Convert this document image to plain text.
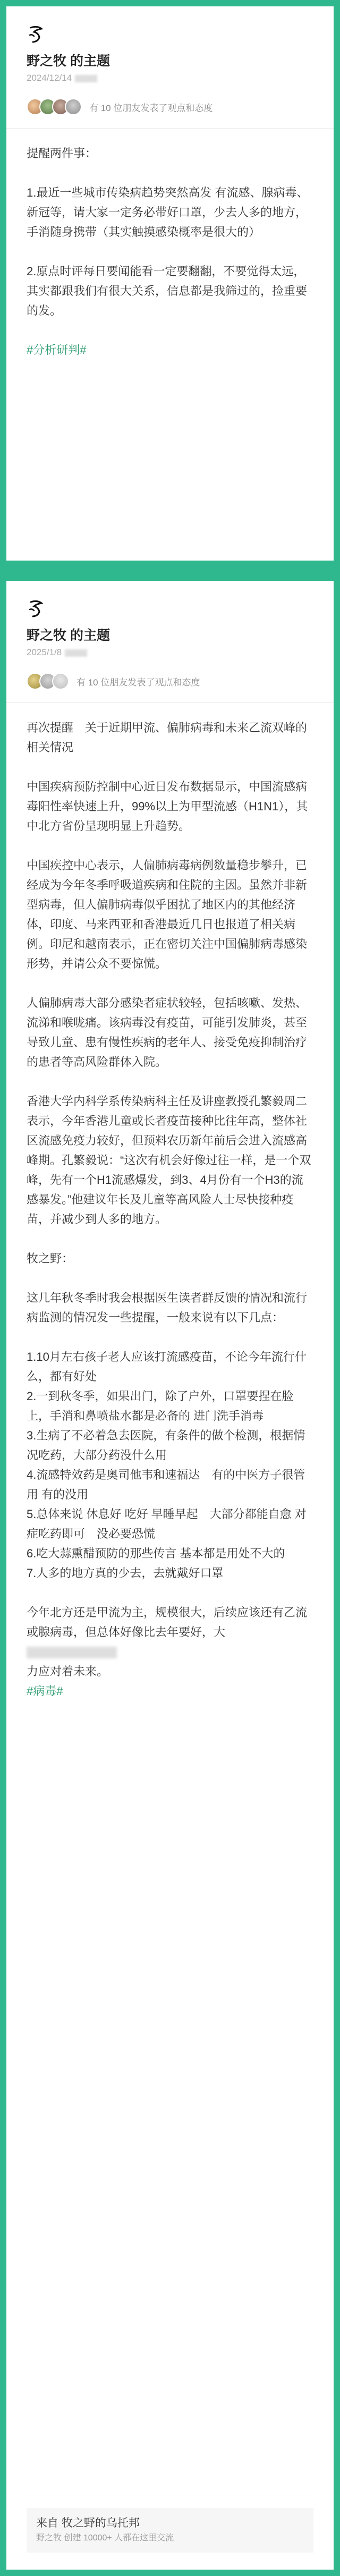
野之牧 的主题
2024/12/14
有 10 位朋友发表了观点和态度

提醒两件事：

1.最近一些城市传染病趋势突然高发 有流感、腺病毒、新冠等，请大家一定务必带好口罩，少去人多的地方，手消随身携带（其实触摸感染概率是很大的）

2.原点时评每日要闻能看一定要翻翻，不要觉得太远，其实都跟我们有很大关系，信息都是我筛过的，捡重要的发。

#分析研判#
野之牧 的主题
2025/1/8
有 10 位朋友发表了观点和态度

再次提醒　关于近期甲流、偏肺病毒和未来乙流双峰的相关情况

中国疾病预防控制中心近日发布数据显示，中国流感病毒阳性率快速上升，99%以上为甲型流感（H1N1），其中北方省份呈现明显上升趋势。

中国疾控中心表示，人偏肺病毒病例数量稳步攀升，已经成为今年冬季呼吸道疾病和住院的主因。虽然并非新型病毒，但人偏肺病毒似乎困扰了地区内的其他经济体，印度、马来西亚和香港最近几日也报道了相关病例。印尼和越南表示，正在密切关注中国偏肺病毒感染形势，并请公众不要惊慌。

人偏肺病毒大部分感染者症状较轻，包括咳嗽、发热、流涕和喉咙痛。该病毒没有疫苗，可能引发肺炎，甚至导致儿童、患有慢性疾病的老年人、接受免疫抑制治疗的患者等高风险群体入院。

香港大学内科学系传染病科主任及讲座教授孔繁毅周二表示，今年香港儿童或长者疫苗接种比往年高，整体社区流感免疫力较好，但预料农历新年前后会进入流感高峰期。孔繁毅说：“这次有机会好像过往一样，是一个双峰，先有一个H1流感爆发，到3、4月份有一个H3的流感暴发。”他建议年长及儿童等高风险人士尽快接种疫苗，并减少到人多的地方。

牧之野：

这几年秋冬季时我会根据医生读者群反馈的情况和流行病监测的情况发一些提醒，一般来说有以下几点：

1.10月左右孩子老人应该打流感疫苗，不论今年流行什么，都有好处
2.一到秋冬季，如果出门，除了户外，口罩要捏在脸上，手消和鼻喷盐水都是必备的 进门洗手消毒
3.生病了不必着急去医院，有条件的做个检测，根据情况吃药，大部分药没什么用
4.流感特效药是奥司他韦和速福达　有的中医方子很管用 有的没用
5.总体来说 休息好 吃好 早睡早起　大部分都能自愈 对症吃药即可　没必要恐慌
6.吃大蒜熏醋预防的那些传言 基本都是用处不大的
7.人多的地方真的少去，去就戴好口罩

今年北方还是甲流为主，规模很大，后续应该还有乙流或腺病毒，但总体好像比去年要好，大

力应对着未来。

#病毒#
来自 牧之野的乌托邦
野之牧 创建 10000+ 人都在这里交流
